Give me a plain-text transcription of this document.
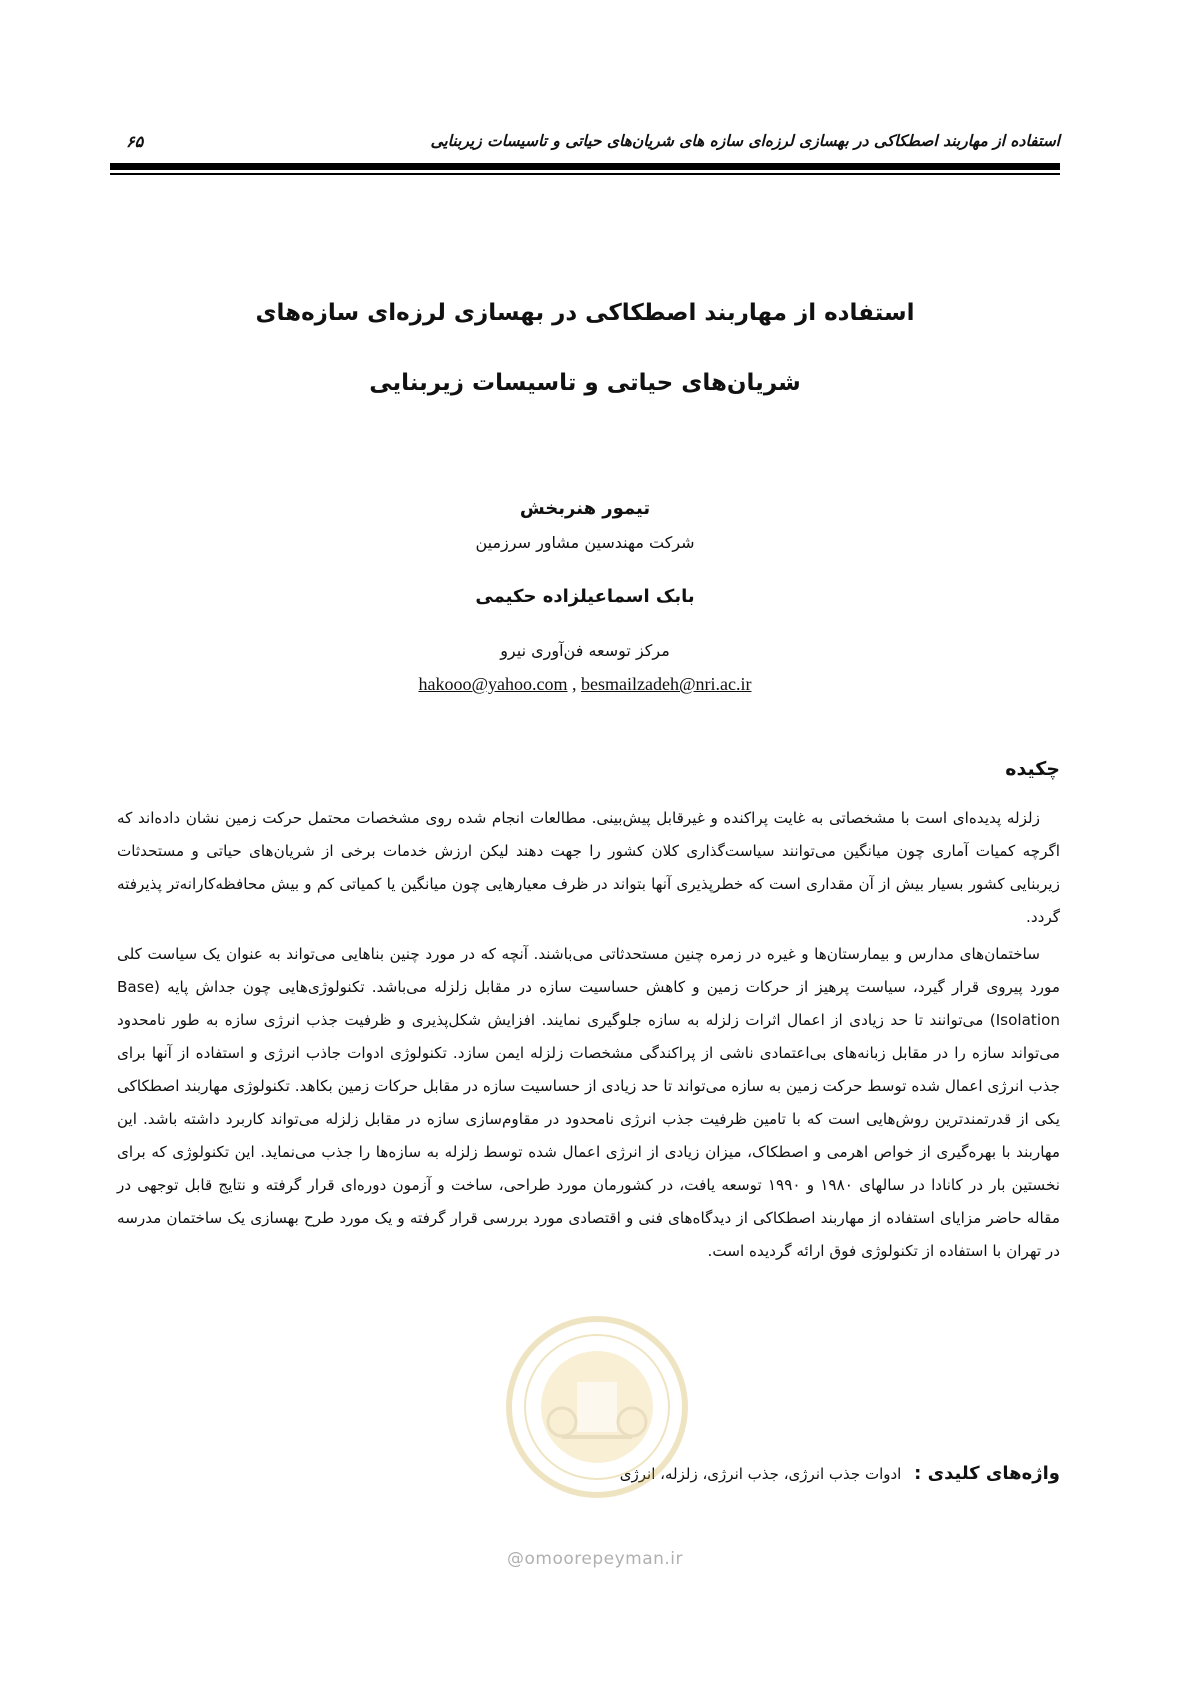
استفاده از مهاربند اصطکاکی در بهسازی لرزه‌ای سازه های شریان‌های حیاتی و تاسیسات زیربنایی
۶۵
استفاده از مهاربند اصطکاکی در بهسازی لرزه‌ای سازه‌های
شریان‌های حیاتی و تاسیسات زیربنایی
تیمور هنربخش
شرکت مهندسین مشاور سرزمین
بابک اسماعیلزاده حکیمی
مرکز توسعه فن‌آوری نیرو
hakooo@yahoo.com , besmailzadeh@nri.ac.ir
چکیده

زلزله پدیده‌ای است با مشخصاتی به غایت پراکنده و غیرقابل پیش‌بینی. مطالعات انجام شده روی مشخصات محتمل حرکت زمین نشان داده‌اند که اگرچه کمیات آماری چون میانگین می‌توانند سیاست‌گذاری کلان کشور را جهت دهند لیکن ارزش خدمات برخی از شریان‌های حیاتی و مستحدثات زیربنایی کشور بسیار بیش از آن مقداری است که خطرپذیری آنها بتواند در ظرف معیارهایی چون میانگین یا کمیاتی کم و بیش محافظه‌کارانه‌تر پذیرفته گردد.

ساختمان‌های مدارس و بیمارستان‌ها و غیره در زمره چنین مستحدثاتی می‌باشند. آنچه که در مورد چنین بناهایی می‌تواند به عنوان یک سیاست کلی مورد پیروی قرار گیرد، سیاست پرهیز از حرکات زمین و کاهش حساسیت سازه در مقابل زلزله می‌باشد. تکنولوژی‌هایی چون جداش پایه (Base Isolation) می‌توانند تا حد زیادی از اعمال اثرات زلزله به سازه جلوگیری نمایند. افزایش شکل‌پذیری و ظرفیت جذب انرژی سازه به طور نامحدود می‌تواند سازه را در مقابل زبانه‌های بی‌اعتمادی ناشی از پراکندگی مشخصات زلزله ایمن سازد. تکنولوژی ادوات جاذب انرژی و استفاده از آنها برای جذب انرژی اعمال شده توسط حرکت زمین به سازه می‌تواند تا حد زیادی از حساسیت سازه در مقابل حرکات زمین بکاهد. تکنولوژی مهاربند اصطکاکی یکی از قدرتمندترین روش‌هایی است که با تامین ظرفیت جذب انرژی نامحدود در مقاوم‌سازی سازه در مقابل زلزله می‌تواند کاربرد داشته باشد. این مهاربند با بهره‌گیری از خواص اهرمی و اصطکاک، میزان زیادی از انرژی اعمال شده توسط زلزله به سازه‌ها را جذب می‌نماید. این تکنولوژی که برای نخستین بار در کانادا در سالهای ۱۹۸۰ و ۱۹۹۰ توسعه یافت، در کشورمان مورد طراحی، ساخت و آزمون دوره‌ای قرار گرفته و نتایج قابل توجهی در مقاله حاضر مزایای استفاده از مهاربند اصطکاکی از دیدگاه‌های فنی و اقتصادی مورد بررسی قرار گرفته و یک مورد طرح بهسازی یک ساختمان مدرسه در تهران با استفاده از تکنولوژی فوق ارائه گردیده است.

واژه‌های کلیدی : ادوات جذب انرژی، جذب انرژی، زلزله، انرژی
@omoorepeyman.ir
